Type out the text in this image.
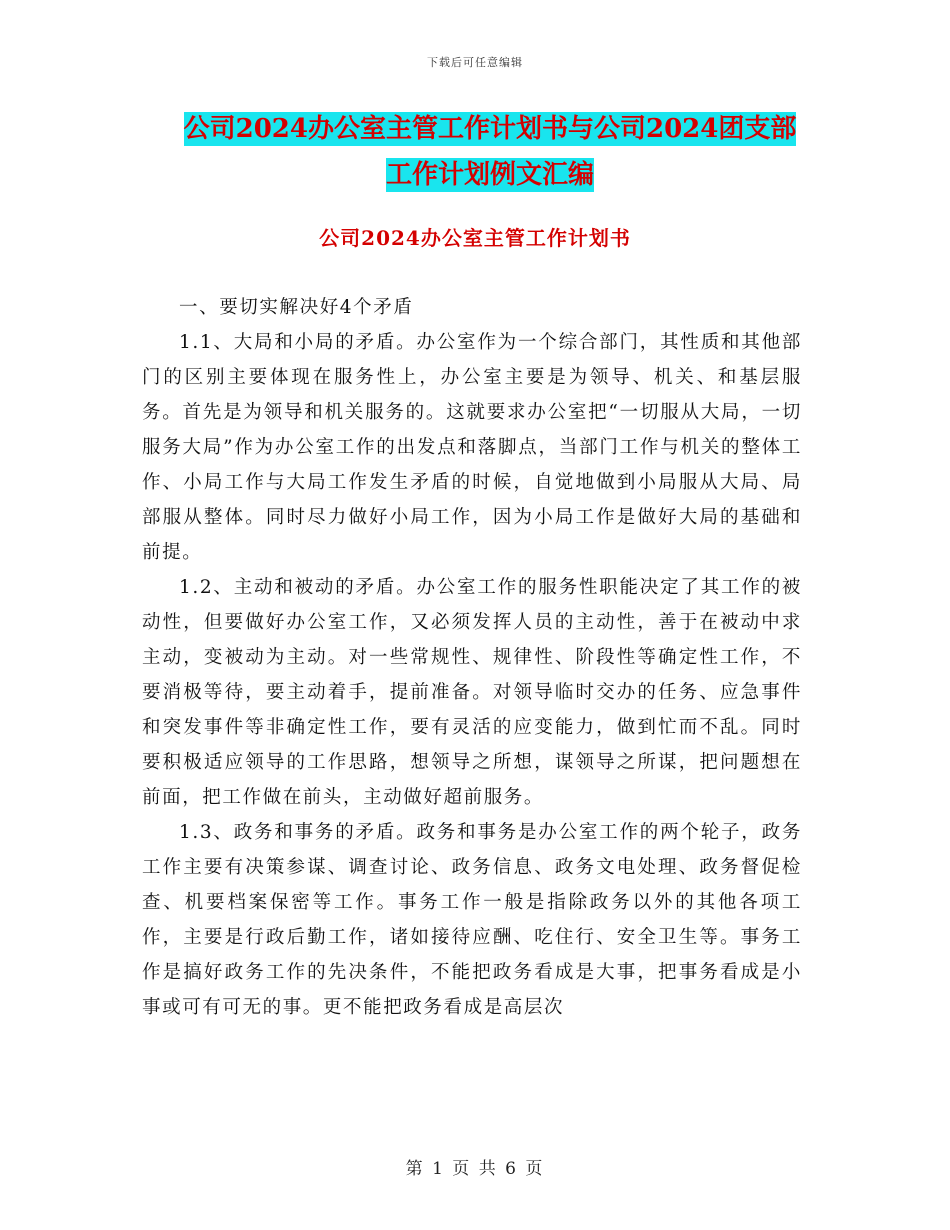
下载后可任意编辑
公司2024办公室主管工作计划书与公司2024团支部
工作计划例文汇编
公司2024办公室主管工作计划书

一、要切实解决好4个矛盾

1.1、大局和小局的矛盾。办公室作为一个综合部门，其性质和其他部门的区别主要体现在服务性上，办公室主要是为领导、机关、和基层服务。首先是为领导和机关服务的。这就要求办公室把“一切服从大局，一切服务大局”作为办公室工作的出发点和落脚点，当部门工作与机关的整体工作、小局工作与大局工作发生矛盾的时候，自觉地做到小局服从大局、局部服从整体。同时尽力做好小局工作，因为小局工作是做好大局的基础和前提。

1.2、主动和被动的矛盾。办公室工作的服务性职能决定了其工作的被动性，但要做好办公室工作，又必须发挥人员的主动性，善于在被动中求主动，变被动为主动。对一些常规性、规律性、阶段性等确定性工作，不要消极等待，要主动着手，提前准备。对领导临时交办的任务、应急事件和突发事件等非确定性工作，要有灵活的应变能力，做到忙而不乱。同时要积极适应领导的工作思路，想领导之所想，谋领导之所谋，把问题想在前面，把工作做在前头，主动做好超前服务。

1.3、政务和事务的矛盾。政务和事务是办公室工作的两个轮子，政务工作主要有决策参谋、调查讨论、政务信息、政务文电处理、政务督促检查、机要档案保密等工作。事务工作一般是指除政务以外的其他各项工作，主要是行政后勤工作，诸如接待应酬、吃住行、安全卫生等。事务工作是搞好政务工作的先决条件，不能把政务看成是大事，把事务看成是小事或可有可无的事。更不能把政务看成是高层次

第 1 页 共 6 页
